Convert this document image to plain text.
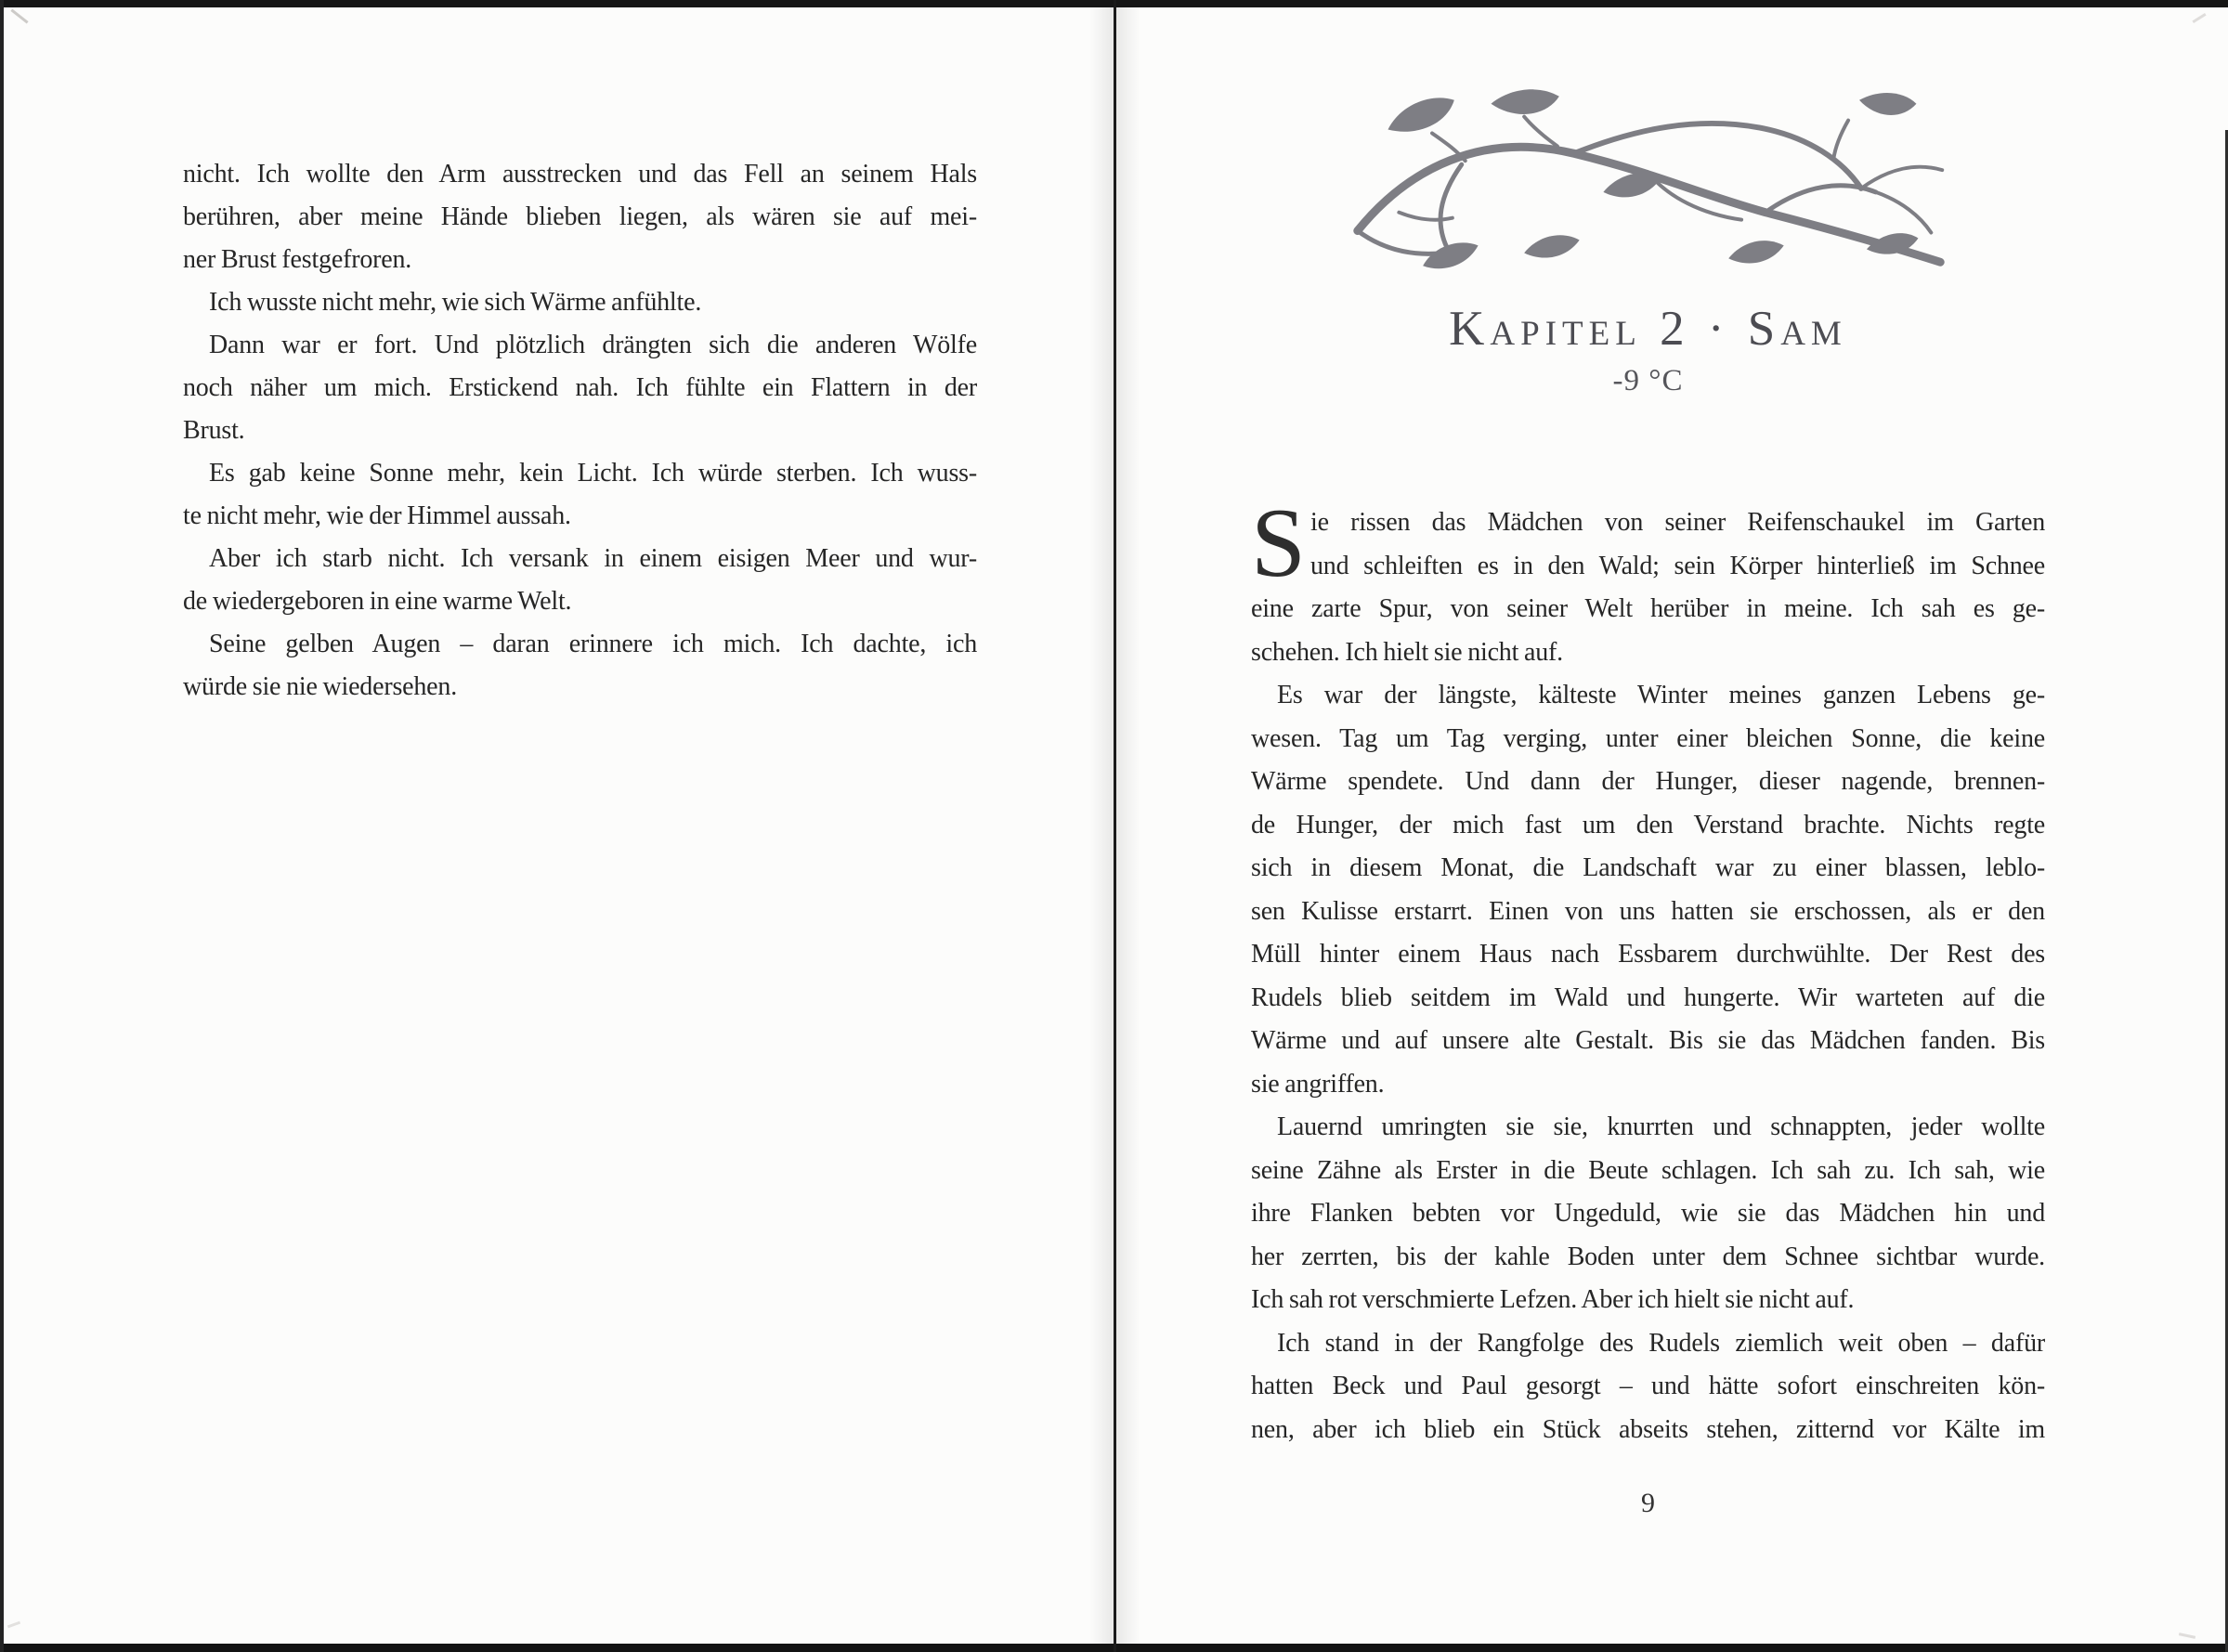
nicht. Ich wollte den Arm ausstrecken und das Fell an seinem Hals
berühren, aber meine Hände blieben liegen, als wären sie auf mei-
ner Brust festgefroren.
Ich wusste nicht mehr, wie sich Wärme anfühlte.
Dann war er fort. Und plötzlich drängten sich die anderen Wölfe
noch näher um mich. Erstickend nah. Ich fühlte ein Flattern in der
Brust.
Es gab keine Sonne mehr, kein Licht. Ich würde sterben. Ich wuss-
te nicht mehr, wie der Himmel aussah.
Aber ich starb nicht. Ich versank in einem eisigen Meer und wur-
de wiedergeboren in eine warme Welt.
Seine gelben Augen – daran erinnere ich mich. Ich dachte, ich
würde sie nie wiedersehen.
Kapitel 2 · Sam
-9 °C
S ie rissen das Mädchen von seiner Reifenschaukel im Garten
und schleiften es in den Wald; sein Körper hinterließ im Schnee
eine zarte Spur, von seiner Welt herüber in meine. Ich sah es ge-
schehen. Ich hielt sie nicht auf.
Es war der längste, kälteste Winter meines ganzen Lebens ge-
wesen. Tag um Tag verging, unter einer bleichen Sonne, die keine
Wärme spendete. Und dann der Hunger, dieser nagende, brennen-
de Hunger, der mich fast um den Verstand brachte. Nichts regte
sich in diesem Monat, die Landschaft war zu einer blassen, leblo-
sen Kulisse erstarrt. Einen von uns hatten sie erschossen, als er den
Müll hinter einem Haus nach Essbarem durchwühlte. Der Rest des
Rudels blieb seitdem im Wald und hungerte. Wir warteten auf die
Wärme und auf unsere alte Gestalt. Bis sie das Mädchen fanden. Bis
sie angriffen.
Lauernd umringten sie sie, knurrten und schnappten, jeder wollte
seine Zähne als Erster in die Beute schlagen. Ich sah zu. Ich sah, wie
ihre Flanken bebten vor Ungeduld, wie sie das Mädchen hin und
her zerrten, bis der kahle Boden unter dem Schnee sichtbar wurde.
Ich sah rot verschmierte Lefzen. Aber ich hielt sie nicht auf.
Ich stand in der Rangfolge des Rudels ziemlich weit oben – dafür
hatten Beck und Paul gesorgt – und hätte sofort einschreiten kön-
nen, aber ich blieb ein Stück abseits stehen, zitternd vor Kälte im
9
